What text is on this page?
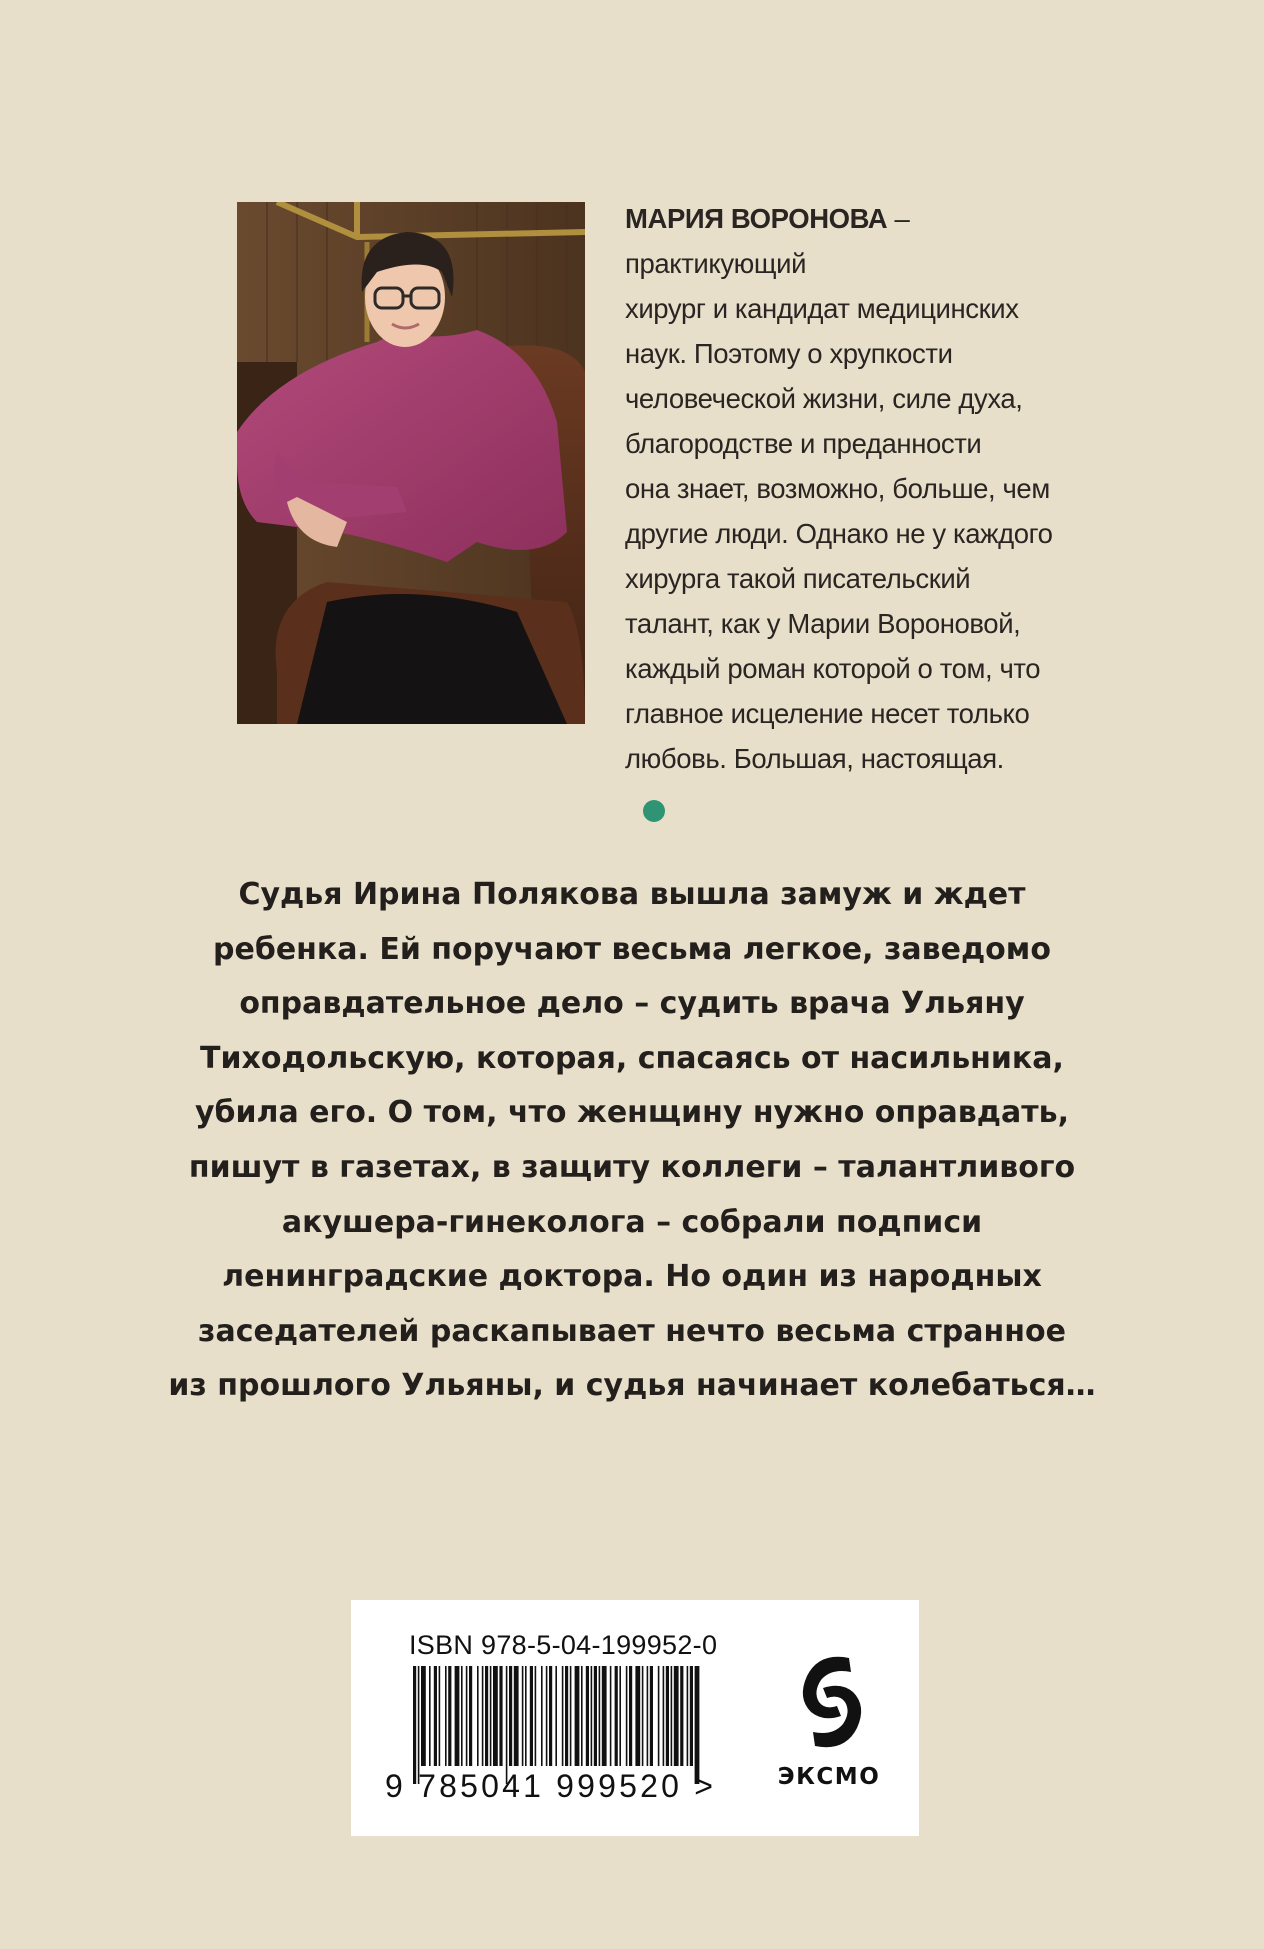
МАРИЯ ВОРОНОВА – практикующий
хирург и кандидат медицинских
наук. Поэтому о хрупкости
человеческой жизни, силе духа,
благородстве и преданности
она знает, возможно, больше, чем
другие люди. Однако не у каждого
хирурга такой писательский
талант, как у Марии Вороновой,
каждый роман которой о том, что
главное исцеление несет только
любовь. Большая, настоящая.

Судья Ирина Полякова вышла замуж и ждет
ребенка. Ей поручают весьма легкое, заведомо
оправдательное дело – судить врача Ульяну
Тиходольскую, которая, спасаясь от насильника,
убила его. О том, что женщину нужно оправдать,
пишут в газетах, в защиту коллеги – талантливого
акушера-гинеколога – собрали подписи
ленинградские доктора. Но один из народных
заседателей раскапывает нечто весьма странное
из прошлого Ульяны, и судья начинает колебаться…

ISBN 978-5-04-199952-0
9 785041 999520 >	ЭКСМО
